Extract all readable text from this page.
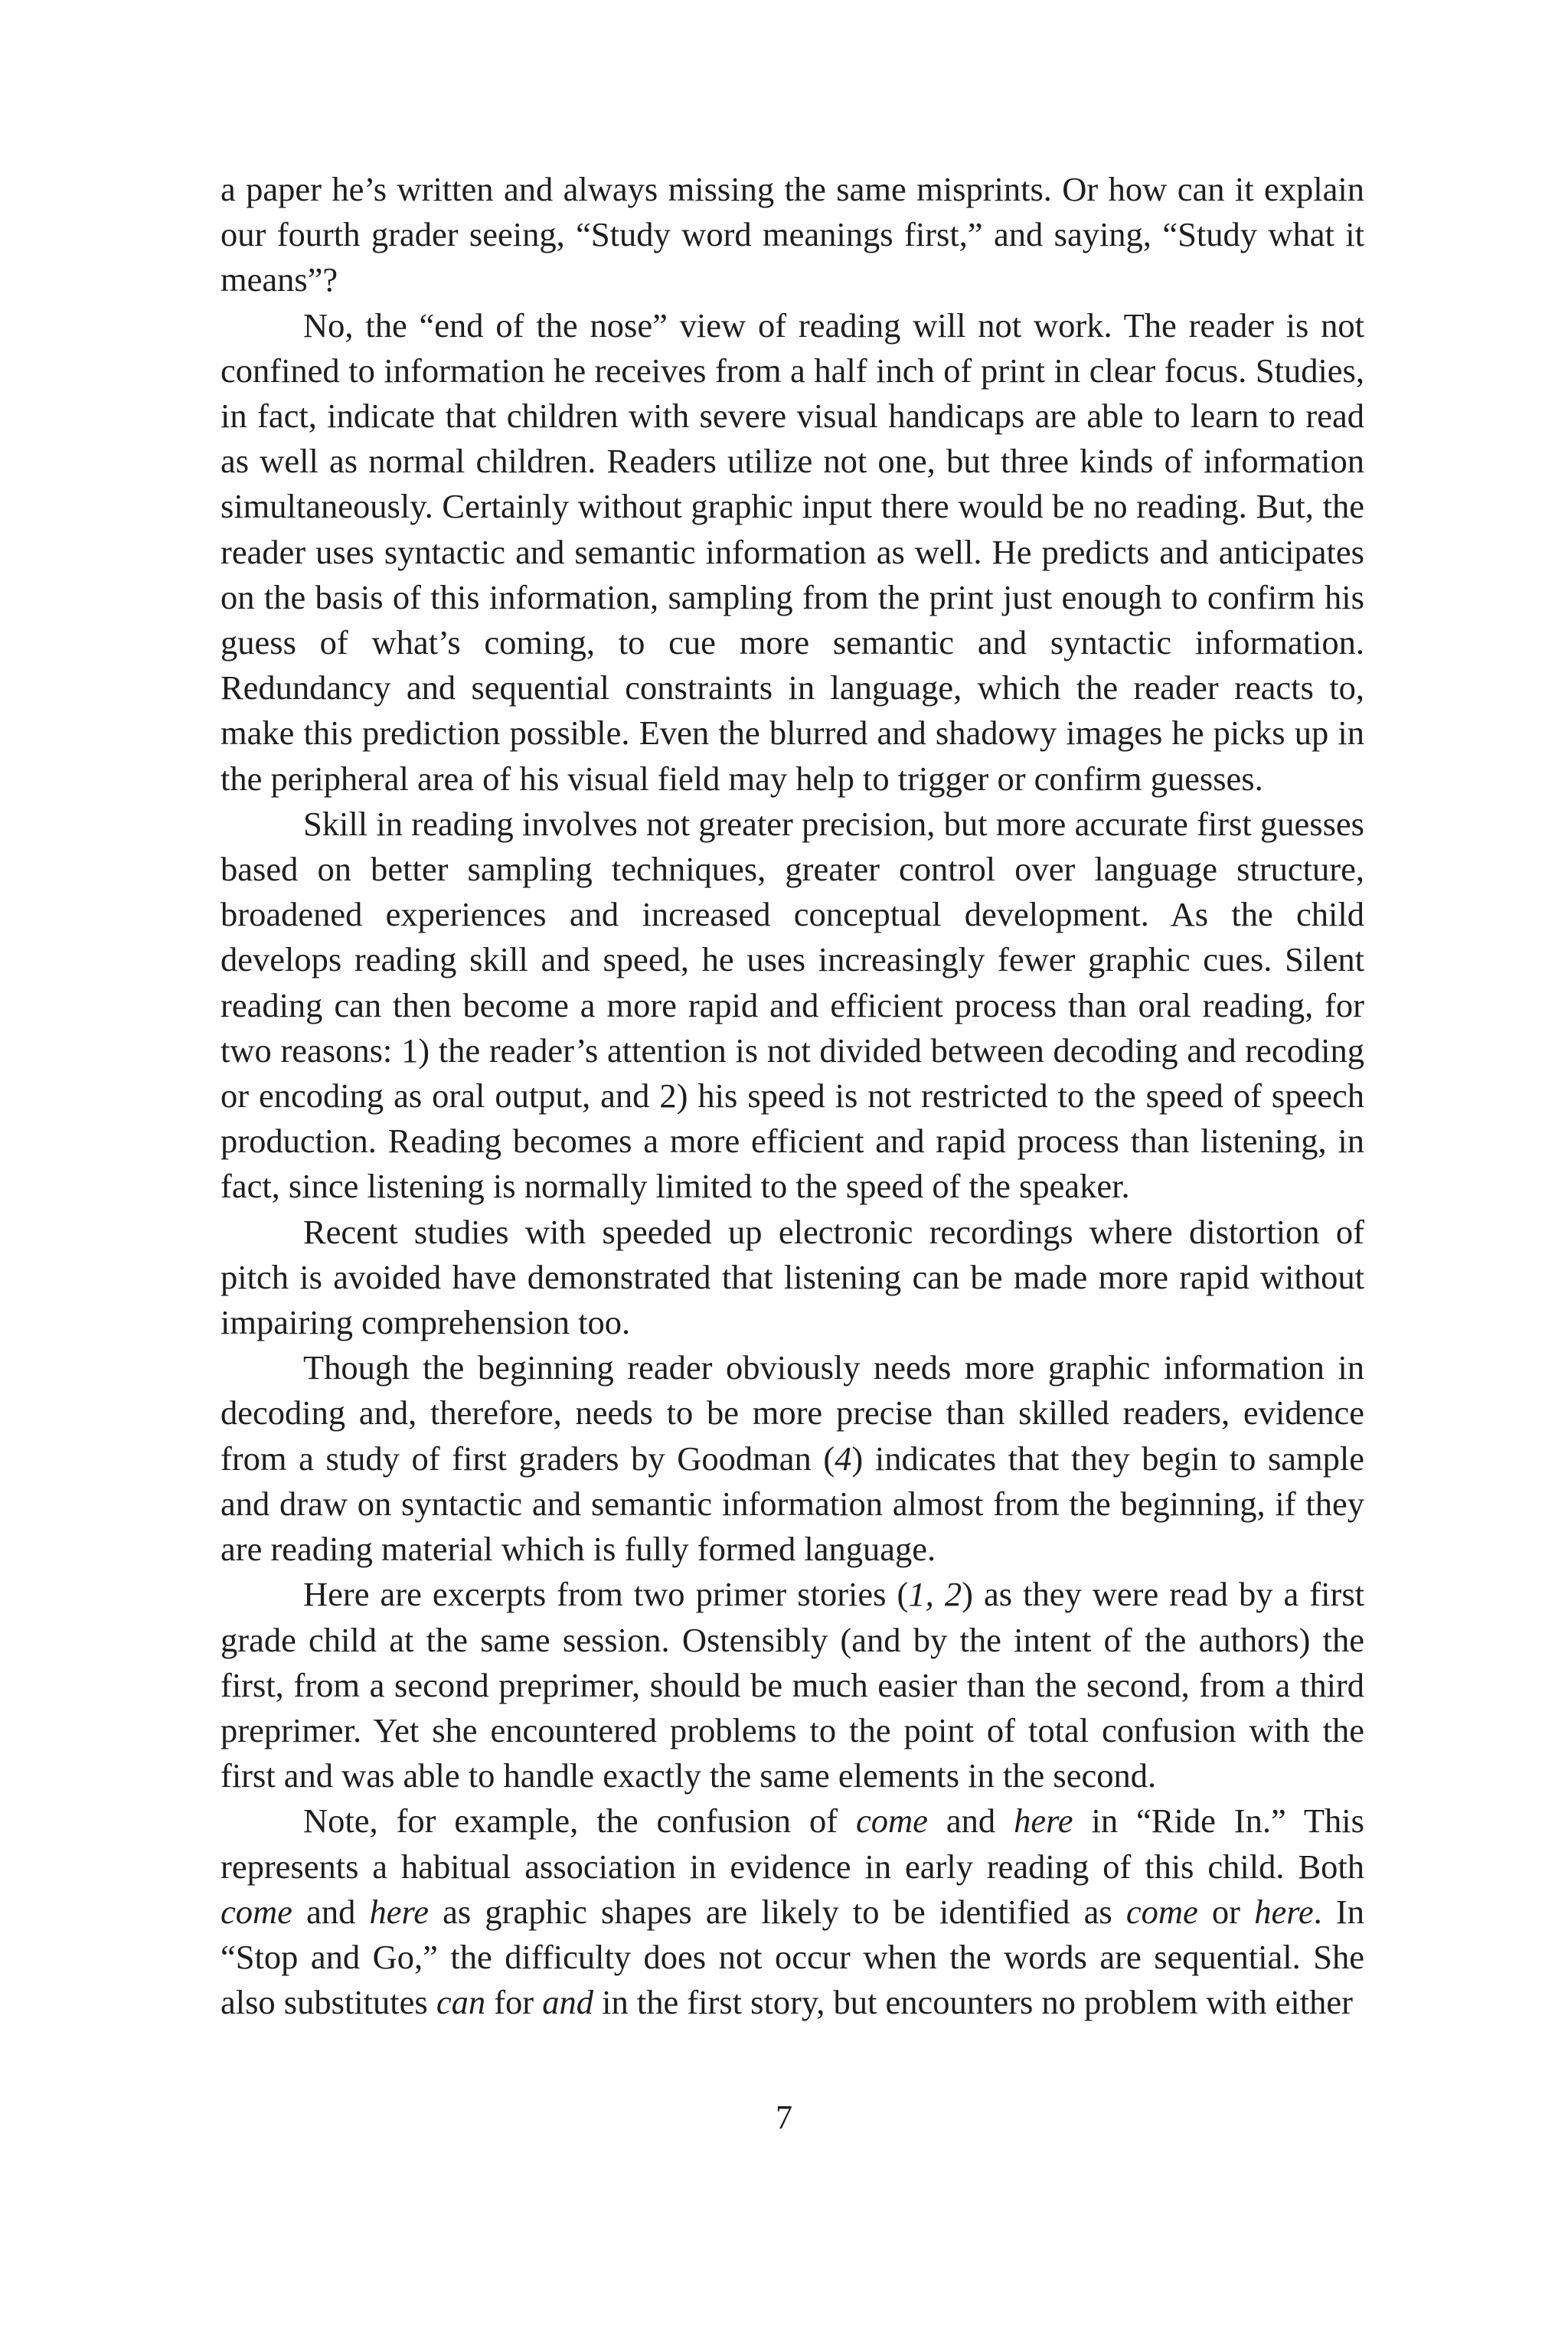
a paper he’s written and always missing the same misprints. Or how can it explain our fourth grader seeing, “Study word meanings first,” and saying, “Study what it means”?

No, the “end of the nose” view of reading will not work. The reader is not confined to information he receives from a half inch of print in clear focus. Studies, in fact, indicate that children with severe visual handicaps are able to learn to read as well as normal children. Readers utilize not one, but three kinds of information simultaneously. Certainly without graphic input there would be no reading. But, the reader uses syntactic and semantic information as well. He predicts and anticipates on the basis of this information, sampling from the print just enough to confirm his guess of what’s coming, to cue more semantic and syntactic information. Redundancy and sequential constraints in language, which the reader reacts to, make this prediction possible. Even the blurred and shadowy images he picks up in the peripheral area of his visual field may help to trigger or confirm guesses.

Skill in reading involves not greater precision, but more accurate first guesses based on better sampling techniques, greater control over language structure, broadened experiences and increased conceptual development. As the child develops reading skill and speed, he uses increasingly fewer graphic cues. Silent reading can then become a more rapid and efficient process than oral reading, for two reasons: 1) the reader’s attention is not divided between decoding and recoding or encoding as oral output, and 2) his speed is not restricted to the speed of speech production. Reading becomes a more efficient and rapid process than listening, in fact, since listening is normally limited to the speed of the speaker.

Recent studies with speeded up electronic recordings where distortion of pitch is avoided have demonstrated that listening can be made more rapid without impairing comprehension too.

Though the beginning reader obviously needs more graphic information in decoding and, therefore, needs to be more precise than skilled readers, evidence from a study of first graders by Goodman (4) indicates that they begin to sample and draw on syntactic and semantic information almost from the beginning, if they are reading material which is fully formed language.

Here are excerpts from two primer stories (1, 2) as they were read by a first grade child at the same session. Ostensibly (and by the intent of the authors) the first, from a second preprimer, should be much easier than the second, from a third preprimer. Yet she encountered problems to the point of total confusion with the first and was able to handle exactly the same elements in the second.

Note, for example, the confusion of come and here in “Ride In.” This represents a habitual association in evidence in early reading of this child. Both come and here as graphic shapes are likely to be identified as come or here. In “Stop and Go,” the difficulty does not occur when the words are sequential. She also substitutes can for and in the first story, but encounters no problem with either

7
